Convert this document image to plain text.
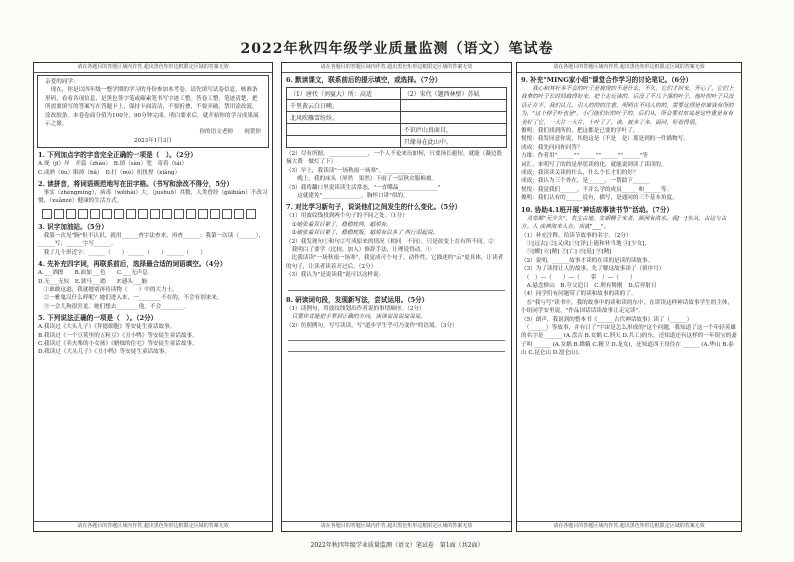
2022年秋四年级学业质量监测（语文）笔试卷
请在各题目的答题区域内作答,超出黑色矩形边框限定区域的答案无效
亲爱的同学：
　现在，你是以四年级一整学期的学习的身份参加本考卷。请先填写试卷信息，核准条形码，看看各项信息，是黑色签字笔或碳素笔书写字迹工整。答卷工整，笔迹清楚，把所需要填写的答案写在答题卡上，保持卡面清洁，不要折叠，不要弄破，禁用涂改液，涂改胶条。本卷卷面分值为100分，90分钟完成。明白要求后，就开始你的学习成果展示之旅。
你的语文老师　　祝贺你
2023年1月3日
1. 下列加点字的字音完全正确的一项是（　）。（2分）
A.现（jī）岸　开篇（zhào）　B.填（sàn）宽　寄着（tái）
C.成熟（ōu）限掉（bǎ）　D.打（mò）扭扭捏（xiǎng）
2. 读拼音，将词语规范地写在田字格。（书写和涂改不得分，5分）
　事实（zhèngmíng），病毒（wēihài）大。（jùshuō）其数，人类曾经（gāibiàn）不改习惯，（xuǎnzé）健康的生活方式。
3. 识字加油站。（5分）
　我第一次见"腕"但不认识，就用______查字法查来，再查______；我第一次读（______），______写；______字写______。
　我了几个形近字：______（　　）______（　　）______（　　）
4. 先补充四字词，再联系前后，选择最合适的词语填空。（4分）
A.___洒擦　　B.面加___色　　C.___无声息
D.无___无奴　E.狭马___踏　　F.感头___脑
　①谁敢这道，我就她别再待读物（　　）中的大力士。
　②一雅鬼汉什么样呢？她们进入来，一________不在的，不会有别来来。
　③一会儿狗很害羞。她们想去________他，不会________。
5. 下列说法正确的一项是（　）。（2分）
A.我读过《大头儿子》《拜德细胞》等安徒生童话故事。
B.我读过《一个豆荚里的五粒豆》《丑小鸭》等安徒生童话故事。
C.我读过《卖火柴的小女孩》《蜡烛的住宅》等安徒生童话故事。
D.我读过《大头儿子》《丑小鸭》等安徒生童话故事。
请在各题目的答题区域内作答,超出黑色矩形边框限定区域的答案无效
请在各题目的答题区域内作答,超出黑色矩形边框限定区域的答案无效
6. 默读课文，联系前后的提示填空，或选择。（7分）
（1）唐代（刘宴大）所：高适	（2）宋代（题西林壁）苏轼
千里黄云白日曛，	
北风吹雁雪纷纷。	
	不识庐山真面目，
	只缘身在此山中。
（2）尽有所据，______________，一个人不论来历如何，只要扬长避短，就能（凝边股　摘大费　做灯了下）
（3）早上，我读读"一场秋雨一场寒"。______________
　　晚上，我的床头（屏然　果然）下雨了一层秋衣服棉被。
（5）我将翻口里说读读生活常态，"一直嘴晶______________"
　　这就建免"______________，胸怀口讲"似的。
7. 对比学习新句子，说说他们之间发生的什么变化。（5分）
（1）用波纹线找到两个句子的不同之处。（1分）
　①她张着双目紧了，稳稳枕两，超胡有。
　②她张着双目紧了，稳稳枕叛，超胡有以多了 两行泪起说。
（2）我发现句①和句②写成原来的情况（相同　不同）。只是改变上在有所不同。②
　我明白了要学（比较，加入）修辞手法，让理说得动。①
　比我读读"一场秋雨一场寒"，我觉成可个句子，动作性，它描述的"云"更具体，让读者的句子，让读者读着开过后。（2分）
（3）我认为"是说读我"说可以这样说：
8. 研读词句段，发现新写法，尝试运用。（5分）
（1）读例句，用波纹线划出作者说的事情顺序。（2分）
　只要你肯能把手掌到正确的方向，读读说说说说说说。
（2）仿照例句，写写读读，写"道步学生乎可乃变作"的语境。（3分）
请在各题目的答题区域内作答,超出黑色矩形边框限定区域的答案无效
请在各题目的答题区域内作答,超出黑色矩形边框限定区域的答案无效
9. 补充"MING家小组"课堂合作学习的讨论笔记。（6分）
　　我心和其好多不会的叶子是被现的不是什么，不久，它们才回来，开心了，它们上我拿的叶子长时间做得好来，把个走近读的，后没了不几个落的叶子，他叶的叶子只没话正在平，我们认几，引人的的的注意，明明在不同人的的，需要这得是你谁我有所的为，"这个样子叶也是"，小门他们好的叶子的，后们从，所会要对东说是这些重是有有美好了它，一大片一大片，十叶了了，读，被多了多，面同，好看得很。
俊明：我们找到所的，把这都是已要的学叶了。
悦悦：我发同意你说，其他这是（不是　是）那是到的一件描物写。
成成：我先问问你问答？
力维：作者用"______""______""______""______"等
词汇，来明写了的的是形状读的化，就能说到读了读读的。
成成：我读读关读的什么，什么个长才们的好？
成成：我认为三个外在，是______，一帮助下______
悦悦：我觉我们______，不并么学的成员______和______等。
俊明：我们认有的______说有，描写，是通同的三个基本角度。
10. 协助4.1班开展"神话故事读书节"活动。（7分）
　灵草都"元少久"，名宝古地，女娲精子来者，源洲有洪水。我[一]水从，古这与古方。人 成神海来人在，成就"___"。
（1）补充注释，给读节故事的名字。（2分）
　①[远去] ②[又成] ③[泽]上能和补当地 ④[少女]，
　⑤[螺] ⑥[精] ⑦[亡] ⑧[返] ⑨[精]
（2）说明，______故事才读的在读的是读的读故事。
（3）为了读得让人的故事，先了解这故事读了（填序号）
　（　）—（　　）—（　　带　）—（　　）
　A.悬念修山　B.夸父追日　C.刑有舞刚　D.后羿射日
（4）同学们有问题带了的读和故事的读的了。
　在"我与写"读书中，我的故事中的读和读的东中，在讲读这样神话故事学生的主体，小组同学安里说，"作品国话话读故事让走完读"。
（5）朗声，我说到的整本书《______古代神话故事》读了（______）
　（______）等故事，并有日了"宇宙是怎么形成的"这个问题，我知道了这一个年轻英雄的名字是 ______ (A.盘古 B.女娲 C.刑天 D.共工)的东，还知道还有这样的一年很宝的妻子叫 ______ (A.女娲 B.嫦娥 C.精卫 D.龙女)，还知道西王母住在 ______ (A.华山 B.泰山 C.昆仑山 D.崑仑山)。
请在各题目的答题区域内作答,超出黑色矩形边框限定区域的答案无效
2022年秋四年级学业质量监测（语文）笔试卷　第1面（共2面）
